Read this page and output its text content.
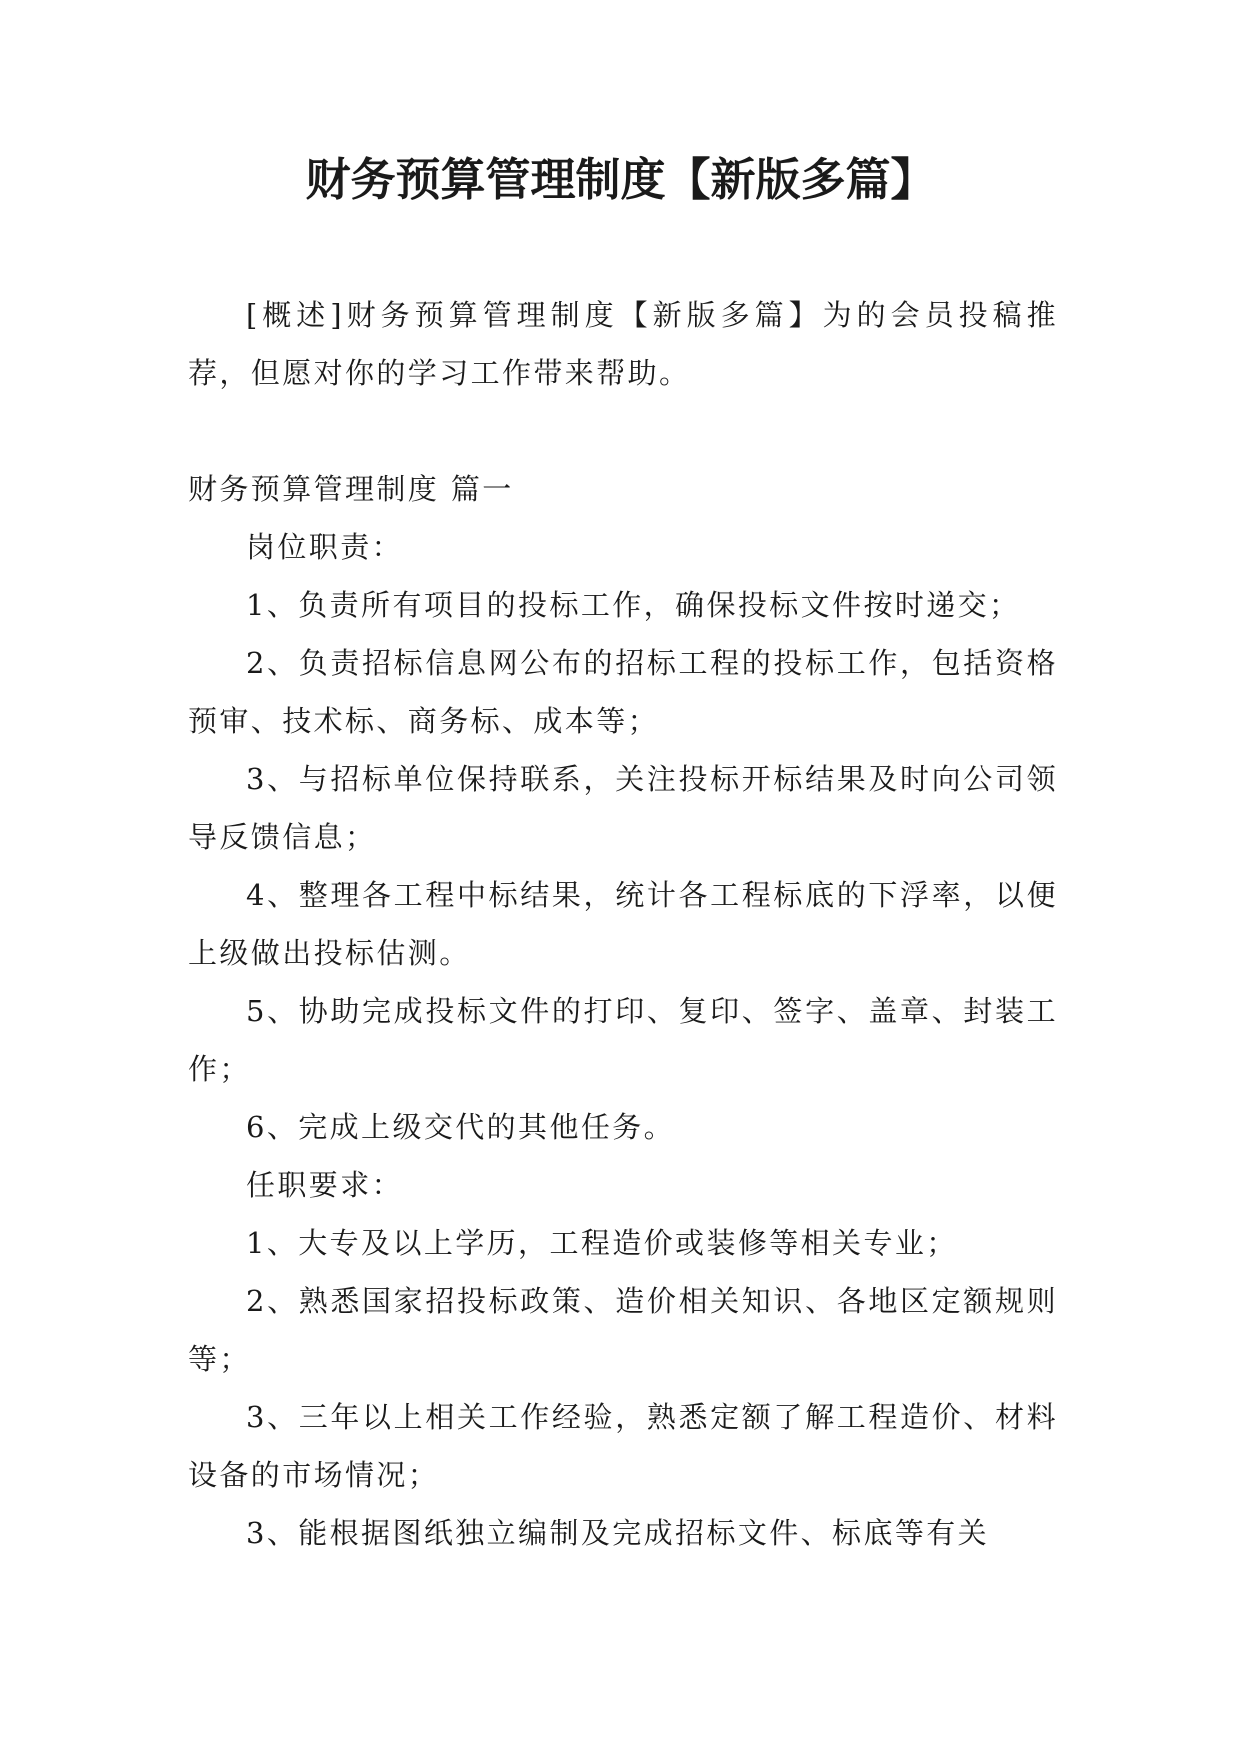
财务预算管理制度【新版多篇】

[概述]财务预算管理制度【新版多篇】为的会员投稿推荐，但愿对你的学习工作带来帮助。

财务预算管理制度 篇一

岗位职责：

1、负责所有项目的投标工作，确保投标文件按时递交；

2、负责招标信息网公布的招标工程的投标工作，包括资格预审、技术标、商务标、成本等；

3、与招标单位保持联系，关注投标开标结果及时向公司领导反馈信息；

4、整理各工程中标结果，统计各工程标底的下浮率，以便上级做出投标估测。

5、协助完成投标文件的打印、复印、签字、盖章、封装工作；

6、完成上级交代的其他任务。

任职要求：

1、大专及以上学历，工程造价或装修等相关专业；

2、熟悉国家招投标政策、造价相关知识、各地区定额规则等；

3、三年以上相关工作经验，熟悉定额了解工程造价、材料设备的市场情况；

3、能根据图纸独立编制及完成招标文件、标底等有关
